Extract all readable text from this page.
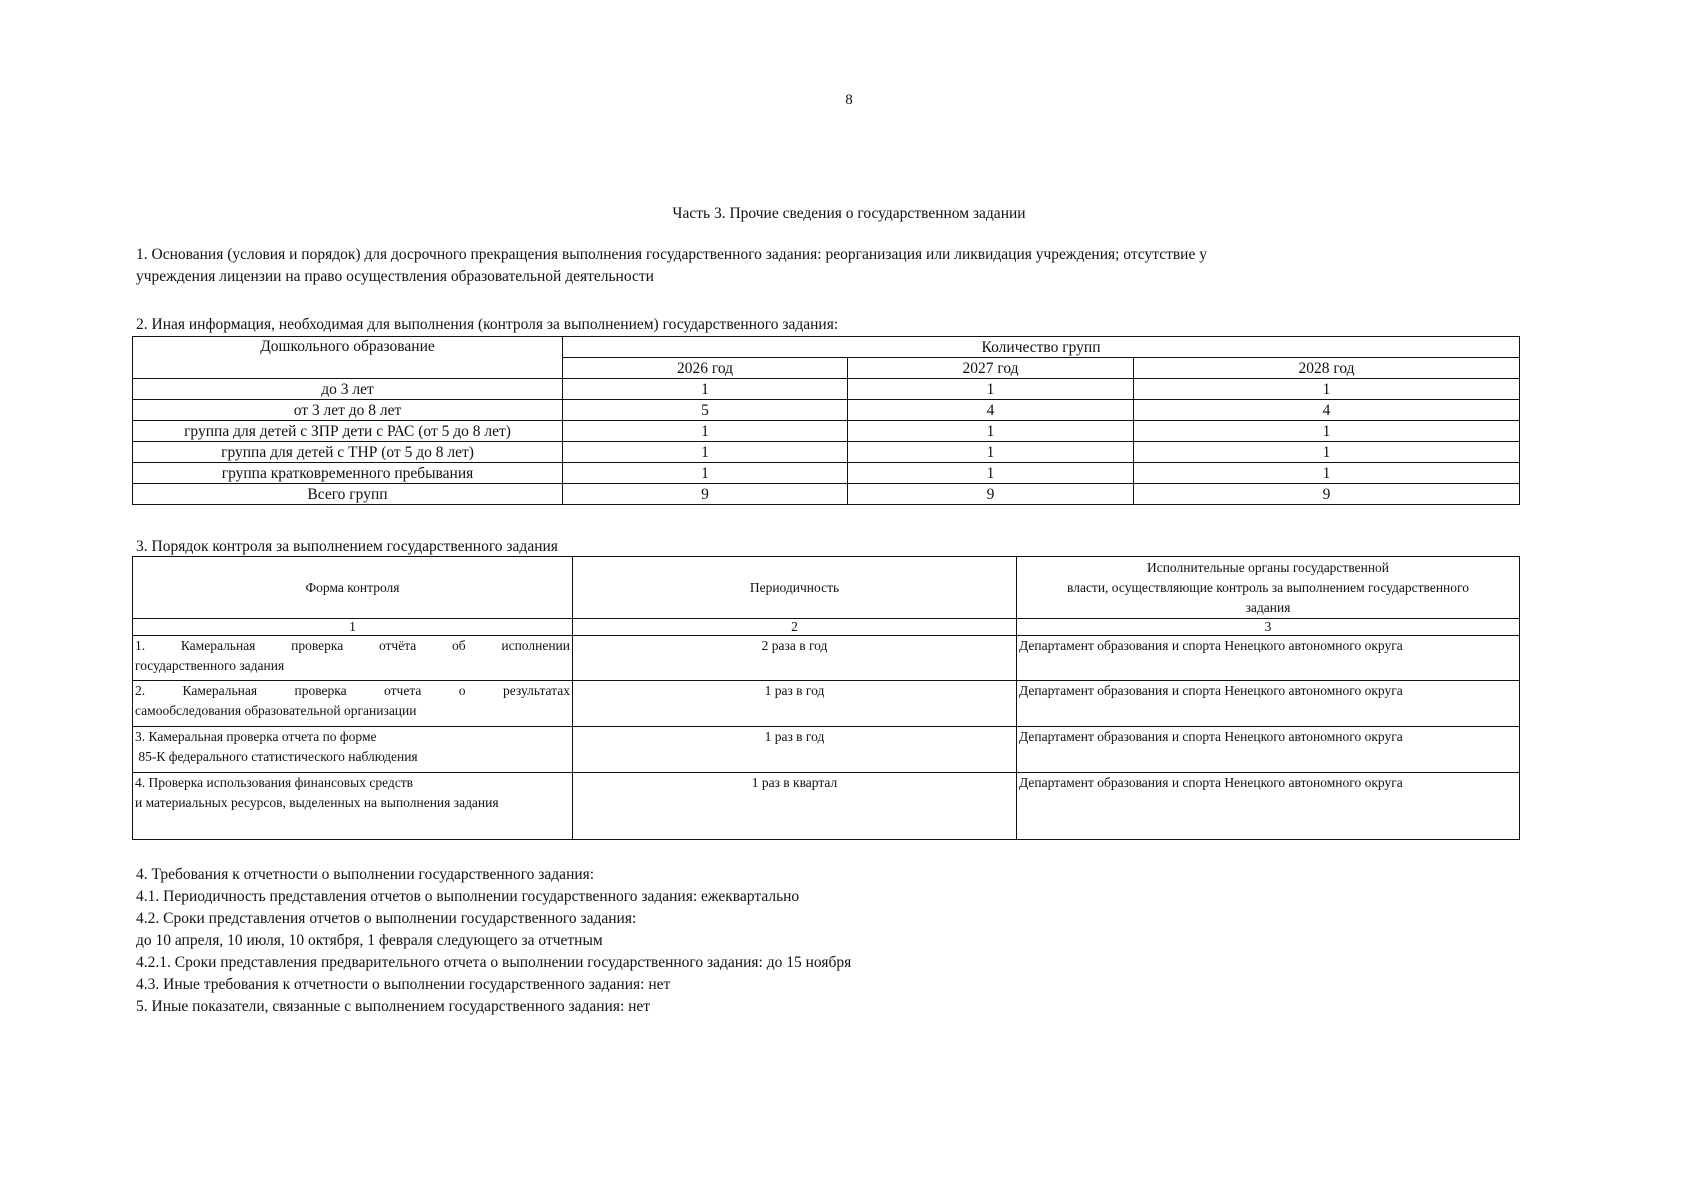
8
Часть 3. Прочие сведения о государственном задании
1. Основания (условия и порядок) для досрочного прекращения выполнения государственного задания: реорганизация или ликвидация учреждения; отсутствие у
учреждения лицензии на право осуществления образовательной деятельности
2. Иная информация, необходимая для выполнения (контроля за выполнением) государственного задания:
Дошкольного образование	Количество групп		
	2026 год	2027 год	2028 год
до 3 лет	1	1	1
от 3 лет до 8 лет	5	4	4
группа для детей с ЗПР дети с РАС (от 5 до 8 лет)	1	1	1
группа для детей с ТНР (от 5 до 8 лет)	1	1	1
группа кратковременного пребывания	1	1	1
Всего групп	9	9	9
3. Порядок контроля за выполнением государственного задания
Форма контроля	Периодичность	Исполнительные органы государственной
власти, осуществляющие контроль за выполнением государственного
задания

1	2	3

1. Камеральная проверка отчёта об исполнении
государственного задания	2 раза в год	Департамент образования и спорта Ненецкого автономного округа

2. Камеральная проверка отчета о результатах
самообследования образовательной организации	1 раз в год	Департамент образования и спорта Ненецкого автономного округа

3. Камеральная проверка отчета по форме
85-К федерального статистического наблюдения	1 раз в год	Департамент образования и спорта Ненецкого автономного округа

4. Проверка использования финансовых средств
и материальных ресурсов, выделенных на выполнения задания	1 раз в квартал	Департамент образования и спорта Ненецкого автономного округа
4. Требования к отчетности о выполнении государственного задания:
4.1. Периодичность представления отчетов о выполнении государственного задания: ежеквартально
4.2. Сроки представления отчетов о выполнении государственного задания:
до 10 апреля, 10 июля, 10 октября, 1 февраля следующего за отчетным
4.2.1. Сроки представления предварительного отчета о выполнении государственного задания: до 15 ноября
4.3. Иные требования к отчетности о выполнении государственного задания: нет
5. Иные показатели, связанные с выполнением государственного задания: нет
